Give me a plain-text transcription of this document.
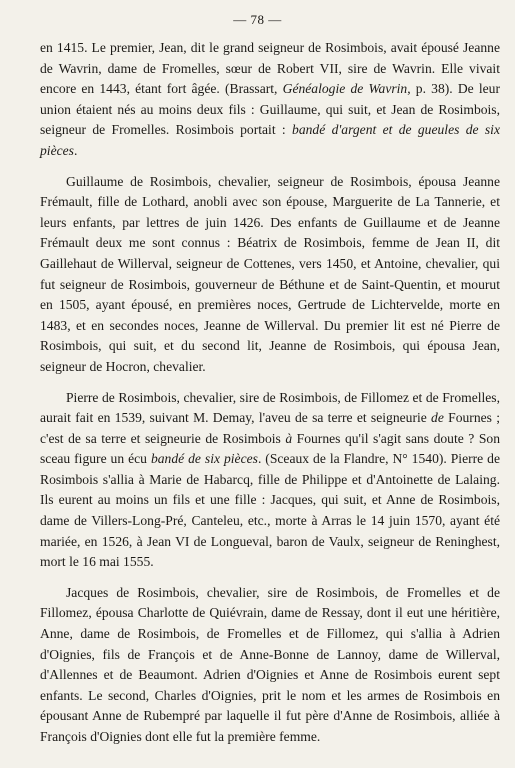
— 78 —

en 1415. Le premier, Jean, dit le grand seigneur de Rosimbois, avait épousé Jeanne de Wavrin, dame de Fromelles, sœur de Robert VII, sire de Wavrin. Elle vivait encore en 1443, étant fort âgée. (Brassart, Généalogie de Wavrin, p. 38). De leur union étaient nés au moins deux fils : Guillaume, qui suit, et Jean de Rosimbois, seigneur de Fromelles. Rosimbois portait : bandé d'argent et de gueules de six pièces.

Guillaume de Rosimbois, chevalier, seigneur de Rosimbois, épousa Jeanne Frémault, fille de Lothard, anobli avec son épouse, Marguerite de La Tannerie, et leurs enfants, par lettres de juin 1426. Des enfants de Guillaume et de Jeanne Frémault deux me sont connus : Béatrix de Rosimbois, femme de Jean II, dit Gaillehaut de Willerval, seigneur de Cottenes, vers 1450, et Antoine, chevalier, qui fut seigneur de Rosimbois, gouverneur de Béthune et de Saint-Quentin, et mourut en 1505, ayant épousé, en premières noces, Gertrude de Lichtervelde, morte en 1483, et en secondes noces, Jeanne de Willerval. Du premier lit est né Pierre de Rosimbois, qui suit, et du second lit, Jeanne de Rosimbois, qui épousa Jean, seigneur de Hocron, chevalier.

Pierre de Rosimbois, chevalier, sire de Rosimbois, de Fillomez et de Fromelles, aurait fait en 1539, suivant M. Demay, l'aveu de sa terre et seigneurie de Fournes ; c'est de sa terre et seigneurie de Rosimbois à Fournes qu'il s'agit sans doute ? Son sceau figure un écu bandé de six pièces. (Sceaux de la Flandre, N° 1540). Pierre de Rosimbois s'allia à Marie de Habarcq, fille de Philippe et d'Antoinette de Lalaing. Ils eurent au moins un fils et une fille : Jacques, qui suit, et Anne de Rosimbois, dame de Villers-Long-Pré, Canteleu, etc., morte à Arras le 14 juin 1570, ayant été mariée, en 1526, à Jean VI de Longueval, baron de Vaulx, seigneur de Reninghest, mort le 16 mai 1555.

Jacques de Rosimbois, chevalier, sire de Rosimbois, de Fromelles et de Fillomez, épousa Charlotte de Quiévrain, dame de Ressay, dont il eut une héritière, Anne, dame de Rosimbois, de Fromelles et de Fillomez, qui s'allia à Adrien d'Oignies, fils de François et de Anne-Bonne de Lannoy, dame de Willerval, d'Allennes et de Beaumont. Adrien d'Oignies et Anne de Rosimbois eurent sept enfants. Le second, Charles d'Oignies, prit le nom et les armes de Rosimbois en épousant Anne de Rubempré par laquelle il fut père d'Anne de Rosimbois, alliée à François d'Oignies dont elle fut la première femme.
